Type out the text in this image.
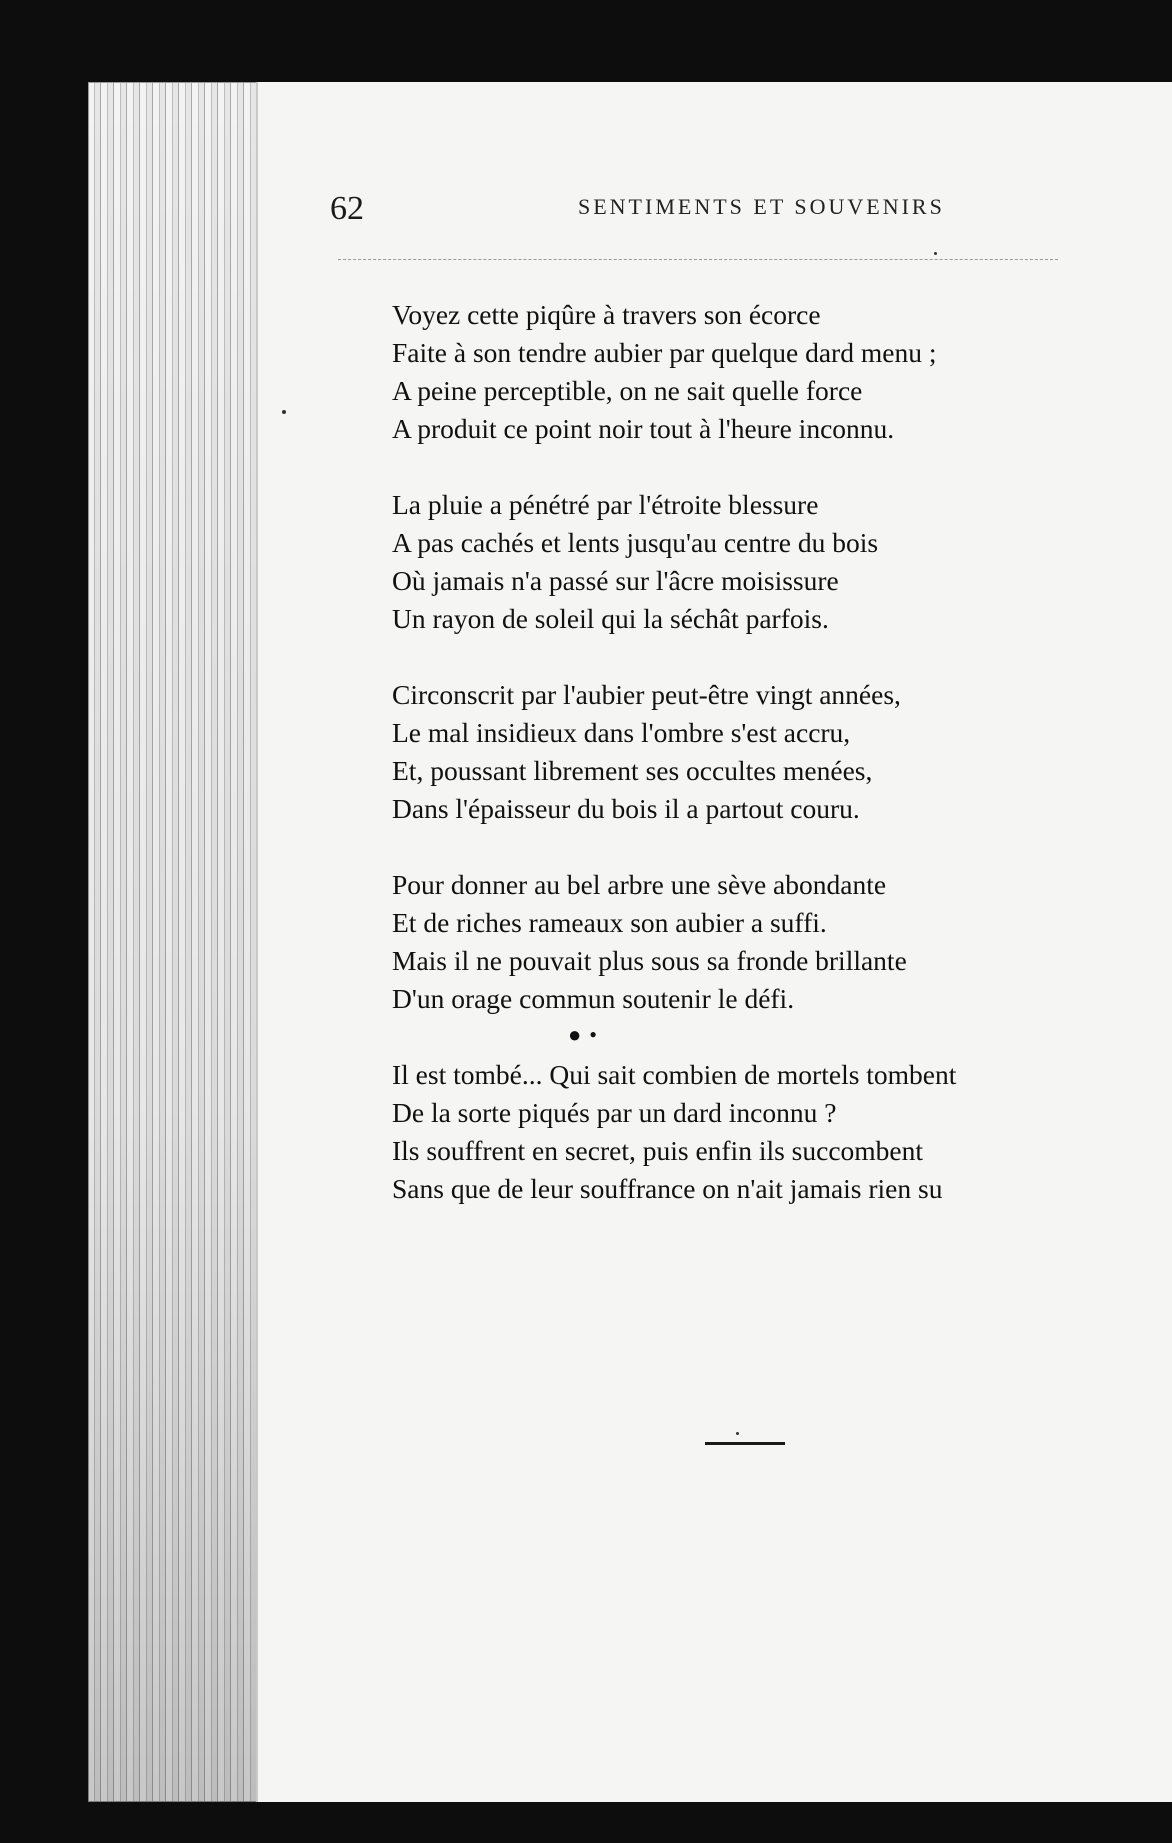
62	SENTIMENTS ET SOUVENIRS
Voyez cette piqûre à travers son écorce
Faite à son tendre aubier par quelque dard menu ;
A peine perceptible, on ne sait quelle force
A produit ce point noir tout à l'heure inconnu.
La pluie a pénétré par l'étroite blessure
A pas cachés et lents jusqu'au centre du bois
Où jamais n'a passé sur l'âcre moisissure
Un rayon de soleil qui la séchât parfois.
Circonscrit par l'aubier peut-être vingt années,
Le mal insidieux dans l'ombre s'est accru,
Et, poussant librement ses occultes menées,
Dans l'épaisseur du bois il a partout couru.
Pour donner au bel arbre une sève abondante
Et de riches rameaux son aubier a suffi.
Mais il ne pouvait plus sous sa fronde brillante
D'un orage commun soutenir le défi.
Il est tombé... Qui sait combien de mortels tombent
De la sorte piqués par un dard inconnu ?
Ils souffrent en secret, puis enfin ils succombent
Sans que de leur souffrance on n'ait jamais rien su
●•
